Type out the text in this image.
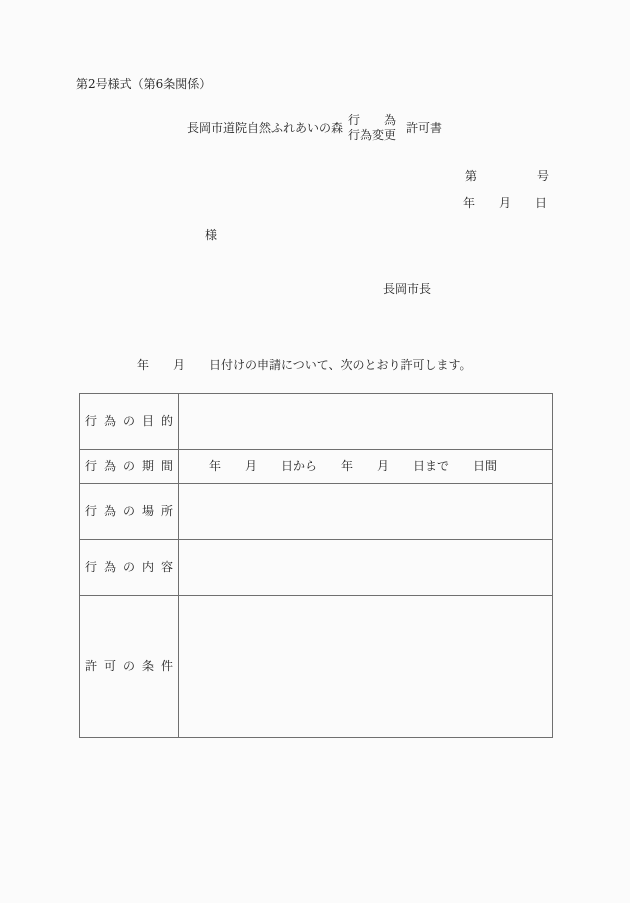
第2号様式（第6条関係）
長岡市道院自然ふれあいの森
行 為
行為変更
許可書
第　　　　　号
年　　月　　日
様
長岡市長
年　　月　　日付けの申請について、次のとおり許可します。
行為の目的	
行為の期間	年　　月　　日から　　年　　月　　日まで　　日間
行為の場所	
行為の内容	
許可の条件	
